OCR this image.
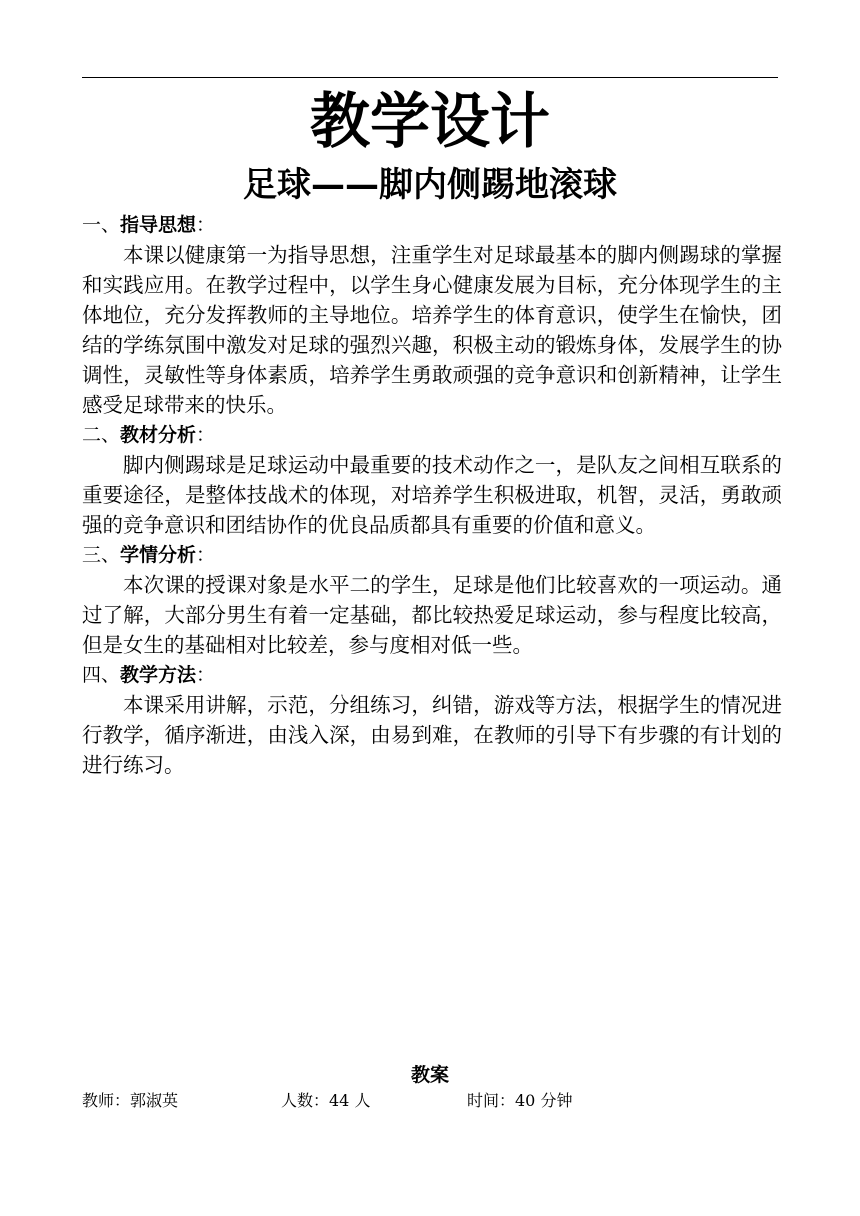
教学设计
足球——脚内侧踢地滚球
一、指导思想：

本课以健康第一为指导思想，注重学生对足球最基本的脚内侧踢球的掌握和实践应用。在教学过程中，以学生身心健康发展为目标，充分体现学生的主体地位，充分发挥教师的主导地位。培养学生的体育意识，使学生在愉快，团结的学练氛围中激发对足球的强烈兴趣，积极主动的锻炼身体，发展学生的协调性，灵敏性等身体素质，培养学生勇敢顽强的竞争意识和创新精神，让学生感受足球带来的快乐。

二、教材分析：

脚内侧踢球是足球运动中最重要的技术动作之一，是队友之间相互联系的重要途径，是整体技战术的体现，对培养学生积极进取，机智，灵活，勇敢顽强的竞争意识和团结协作的优良品质都具有重要的价值和意义。

三、学情分析：

本次课的授课对象是水平二的学生，足球是他们比较喜欢的一项运动。通过了解，大部分男生有着一定基础，都比较热爱足球运动，参与程度比较高，但是女生的基础相对比较差，参与度相对低一些。

四、教学方法：

本课采用讲解，示范，分组练习，纠错，游戏等方法，根据学生的情况进行教学，循序渐进，由浅入深，由易到难，在教师的引导下有步骤的有计划的进行练习。

教案
教师：郭淑英	人数：44 人	时间：40 分钟
